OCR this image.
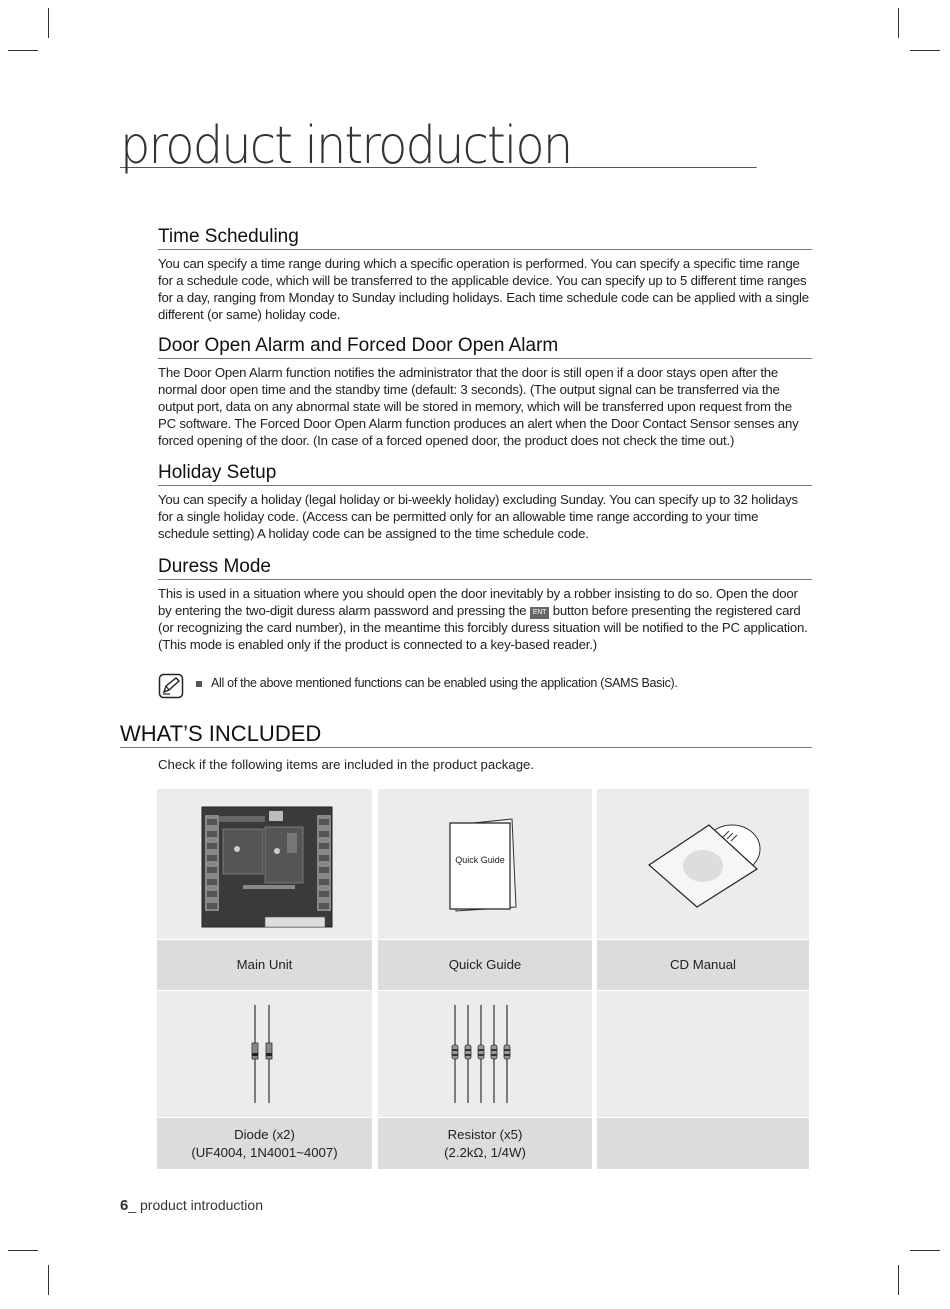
product introduction
Time Scheduling

You can specify a time range during which a specific operation is performed. You can specify a specific time range for a schedule code, which will be transferred to the applicable device. You can specify up to 5 different time ranges for a day, ranging from Monday to Sunday including holidays. Each time schedule code can be applied with a single different (or same) holiday code.

Door Open Alarm and Forced Door Open Alarm

The Door Open Alarm function notifies the administrator that the door is still open if a door stays open after the normal door open time and the standby time (default: 3 seconds). (The output signal can be transferred via the output port, data on any abnormal state will be stored in memory, which will be transferred upon request from the PC software. The Forced Door Open Alarm function produces an alert when the Door Contact Sensor senses any forced opening of the door. (In case of a forced opened door, the product does not check the time out.)

Holiday Setup

You can specify a holiday (legal holiday or bi-weekly holiday) excluding Sunday. You can specify up to 32 holidays for a single holiday code. (Access can be permitted only for an allowable time range according to your time schedule setting) A holiday code can be assigned to the time schedule code.

Duress Mode

This is used in a situation where you should open the door inevitably by a robber insisting to do so. Open the door by entering the two-digit duress alarm password and pressing the ENT button before presenting the registered card (or recognizing the card number), in the meantime this forcibly duress situation will be notified to the PC application. (This mode is enabled only if the product is connected to a key-based reader.)

All of the above mentioned functions can be enabled using the application (SAMS Basic).
WHAT’S INCLUDED
Check if the following items are included in the product package.
Quick Guide
Main Unit	Quick Guide	CD Manual
Diode (x2)
(UF4004, 1N4001~4007)
Resistor (x5)
(2.2kΩ, 1/4W)
6_ product introduction
